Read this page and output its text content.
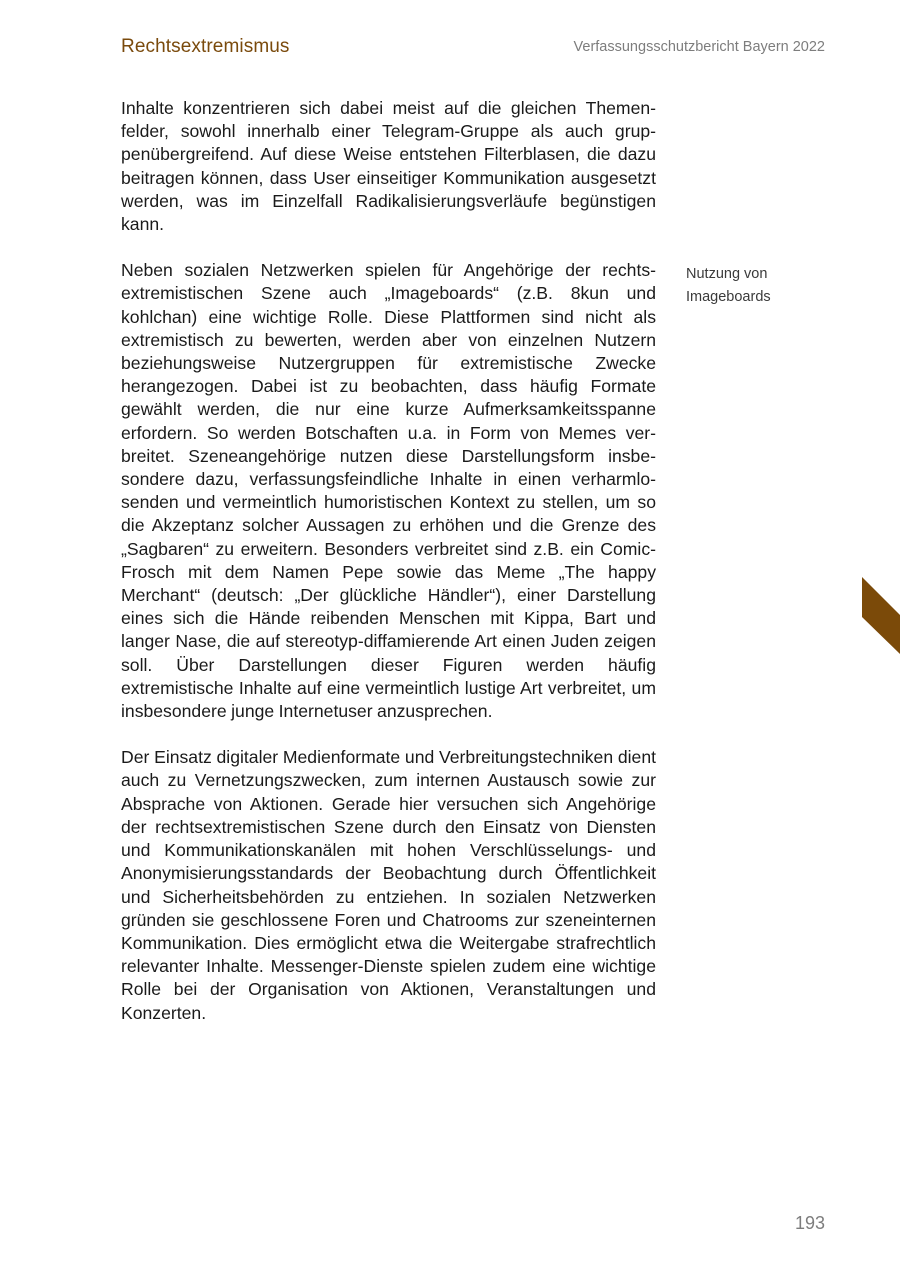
Rechtsextremismus	Verfassungsschutzbericht Bayern 2022

Inhalte konzentrieren sich dabei meist auf die gleichen Themenfelder, sowohl innerhalb einer Telegram-Gruppe als auch gruppenübergreifend. Auf diese Weise entstehen Filterblasen, die dazu beitragen können, dass User einseitiger Kommunikation ausgesetzt werden, was im Einzelfall Radikalisierungsverläufe begünstigen kann.

Neben sozialen Netzwerken spielen für Angehörige der rechtsextremistischen Szene auch „Imageboards“ (z.B. 8kun und kohlchan) eine wichtige Rolle. Diese Plattformen sind nicht als extremistisch zu bewerten, werden aber von einzelnen Nutzern beziehungsweise Nutzergruppen für extremistische Zwecke herangezogen. Dabei ist zu beobachten, dass häufig Formate gewählt werden, die nur eine kurze Aufmerksamkeitsspanne erfordern. So werden Botschaften u.a. in Form von Memes verbreitet. Szeneangehörige nutzen diese Darstellungsform insbesondere dazu, verfassungsfeindliche Inhalte in einen verharmlosenden und vermeintlich humoristischen Kontext zu stellen, um so die Akzeptanz solcher Aussagen zu erhöhen und die Grenze des „Sagbaren“ zu erweitern. Besonders verbreitet sind z.B. ein Comic-Frosch mit dem Namen Pepe sowie das Meme „The happy Merchant“ (deutsch: „Der glückliche Händler“), einer Darstellung eines sich die Hände reibenden Menschen mit Kippa, Bart und langer Nase, die auf stereotyp-diffamierende Art einen Juden zeigen soll. Über Darstellungen dieser Figuren werden häufig extremistische Inhalte auf eine vermeintlich lustige Art verbreitet, um insbesondere junge Internetuser anzusprechen.

Der Einsatz digitaler Medienformate und Verbreitungstechniken dient auch zu Vernetzungszwecken, zum internen Austausch sowie zur Absprache von Aktionen. Gerade hier versuchen sich Angehörige der rechtsextremistischen Szene durch den Einsatz von Diensten und Kommunikationskanälen mit hohen Verschlüsselungs- und Anonymisierungsstandards der Beobachtung durch Öffentlichkeit und Sicherheitsbehörden zu entziehen. In sozialen Netzwerken gründen sie geschlossene Foren und Chatrooms zur szeneinternen Kommunikation. Dies ermöglicht etwa die Weitergabe strafrechtlich relevanter Inhalte. Messenger-Dienste spielen zudem eine wichtige Rolle bei der Organisation von Aktionen, Veranstaltungen und Konzerten.

Nutzung von
Imageboards
193
